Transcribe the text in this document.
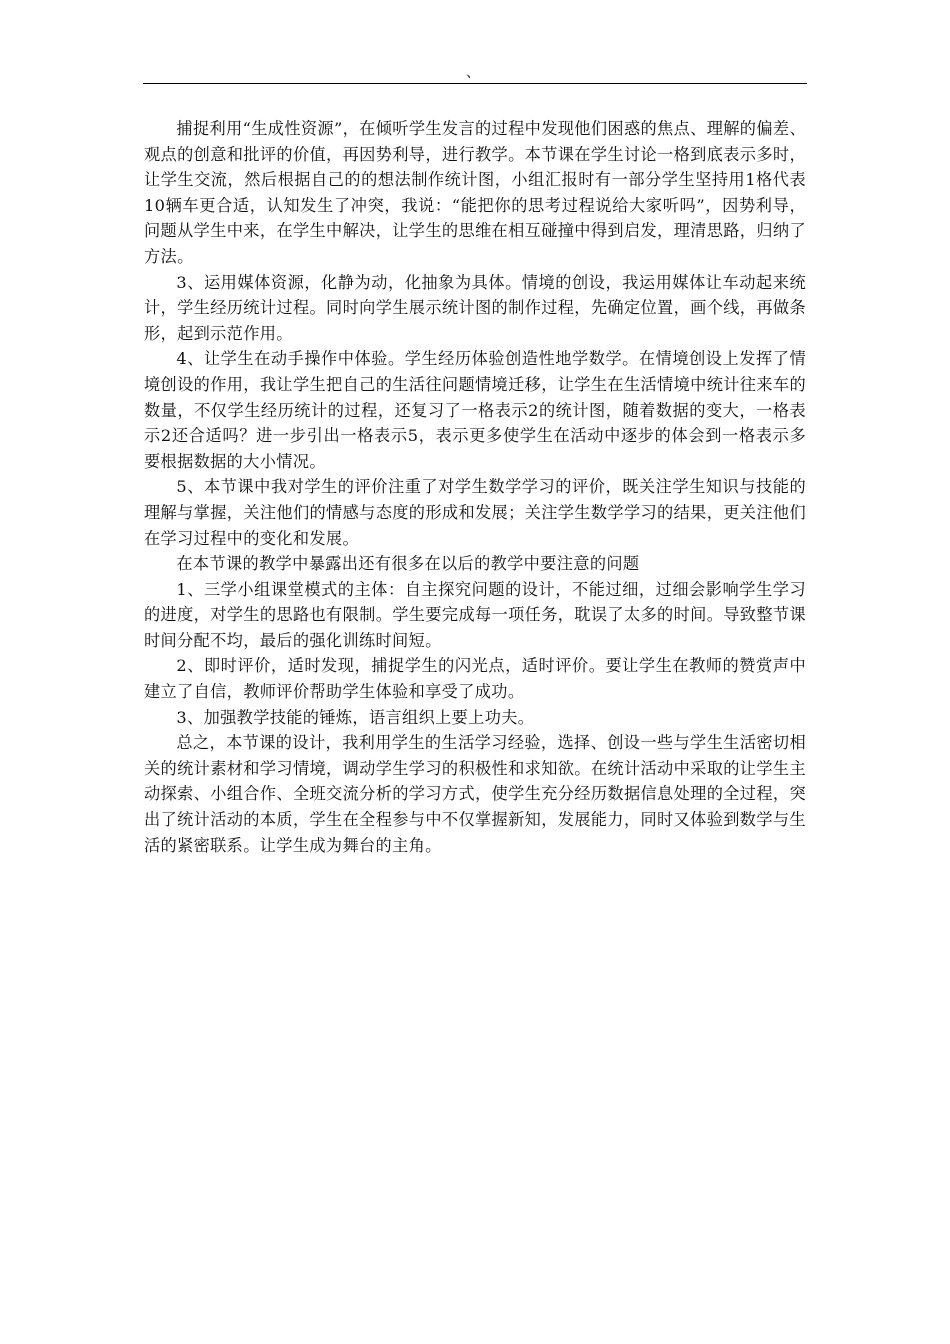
、

捕捉利用“生成性资源”，在倾听学生发言的过程中发现他们困惑的焦点、理解的偏差、观点的创意和批评的价值，再因势利导，进行教学。本节课在学生讨论一格到底表示多时，让学生交流，然后根据自己的的想法制作统计图，小组汇报时有一部分学生坚持用1格代表10辆车更合适，认知发生了冲突，我说：“能把你的思考过程说给大家听吗”，因势利导，问题从学生中来，在学生中解决，让学生的思维在相互碰撞中得到启发，理清思路，归纳了方法。

3、运用媒体资源，化静为动，化抽象为具体。情境的创设，我运用媒体让车动起来统计，学生经历统计过程。同时向学生展示统计图的制作过程，先确定位置，画个线，再做条形，起到示范作用。

4、让学生在动手操作中体验。学生经历体验创造性地学数学。在情境创设上发挥了情境创设的作用，我让学生把自己的生活往问题情境迁移，让学生在生活情境中统计往来车的数量，不仅学生经历统计的过程，还复习了一格表示2的统计图，随着数据的变大，一格表示2还合适吗？进一步引出一格表示5，表示更多使学生在活动中逐步的体会到一格表示多要根据数据的大小情况。

5、本节课中我对学生的评价注重了对学生数学学习的评价，既关注学生知识与技能的理解与掌握，关注他们的情感与态度的形成和发展；关注学生数学学习的结果，更关注他们在学习过程中的变化和发展。

在本节课的教学中暴露出还有很多在以后的教学中要注意的问题

1、三学小组课堂模式的主体：自主探究问题的设计，不能过细，过细会影响学生学习的进度，对学生的思路也有限制。学生要完成每一项任务，耽误了太多的时间。导致整节课时间分配不均，最后的强化训练时间短。

2、即时评价，适时发现，捕捉学生的闪光点，适时评价。要让学生在教师的赞赏声中建立了自信，教师评价帮助学生体验和享受了成功。

3、加强教学技能的锤炼，语言组织上要上功夫。

总之，本节课的设计，我利用学生的生活学习经验，选择、创设一些与学生生活密切相关的统计素材和学习情境，调动学生学习的积极性和求知欲。在统计活动中采取的让学生主动探索、小组合作、全班交流分析的学习方式，使学生充分经历数据信息处理的全过程，突出了统计活动的本质，学生在全程参与中不仅掌握新知，发展能力，同时又体验到数学与生活的紧密联系。让学生成为舞台的主角。
